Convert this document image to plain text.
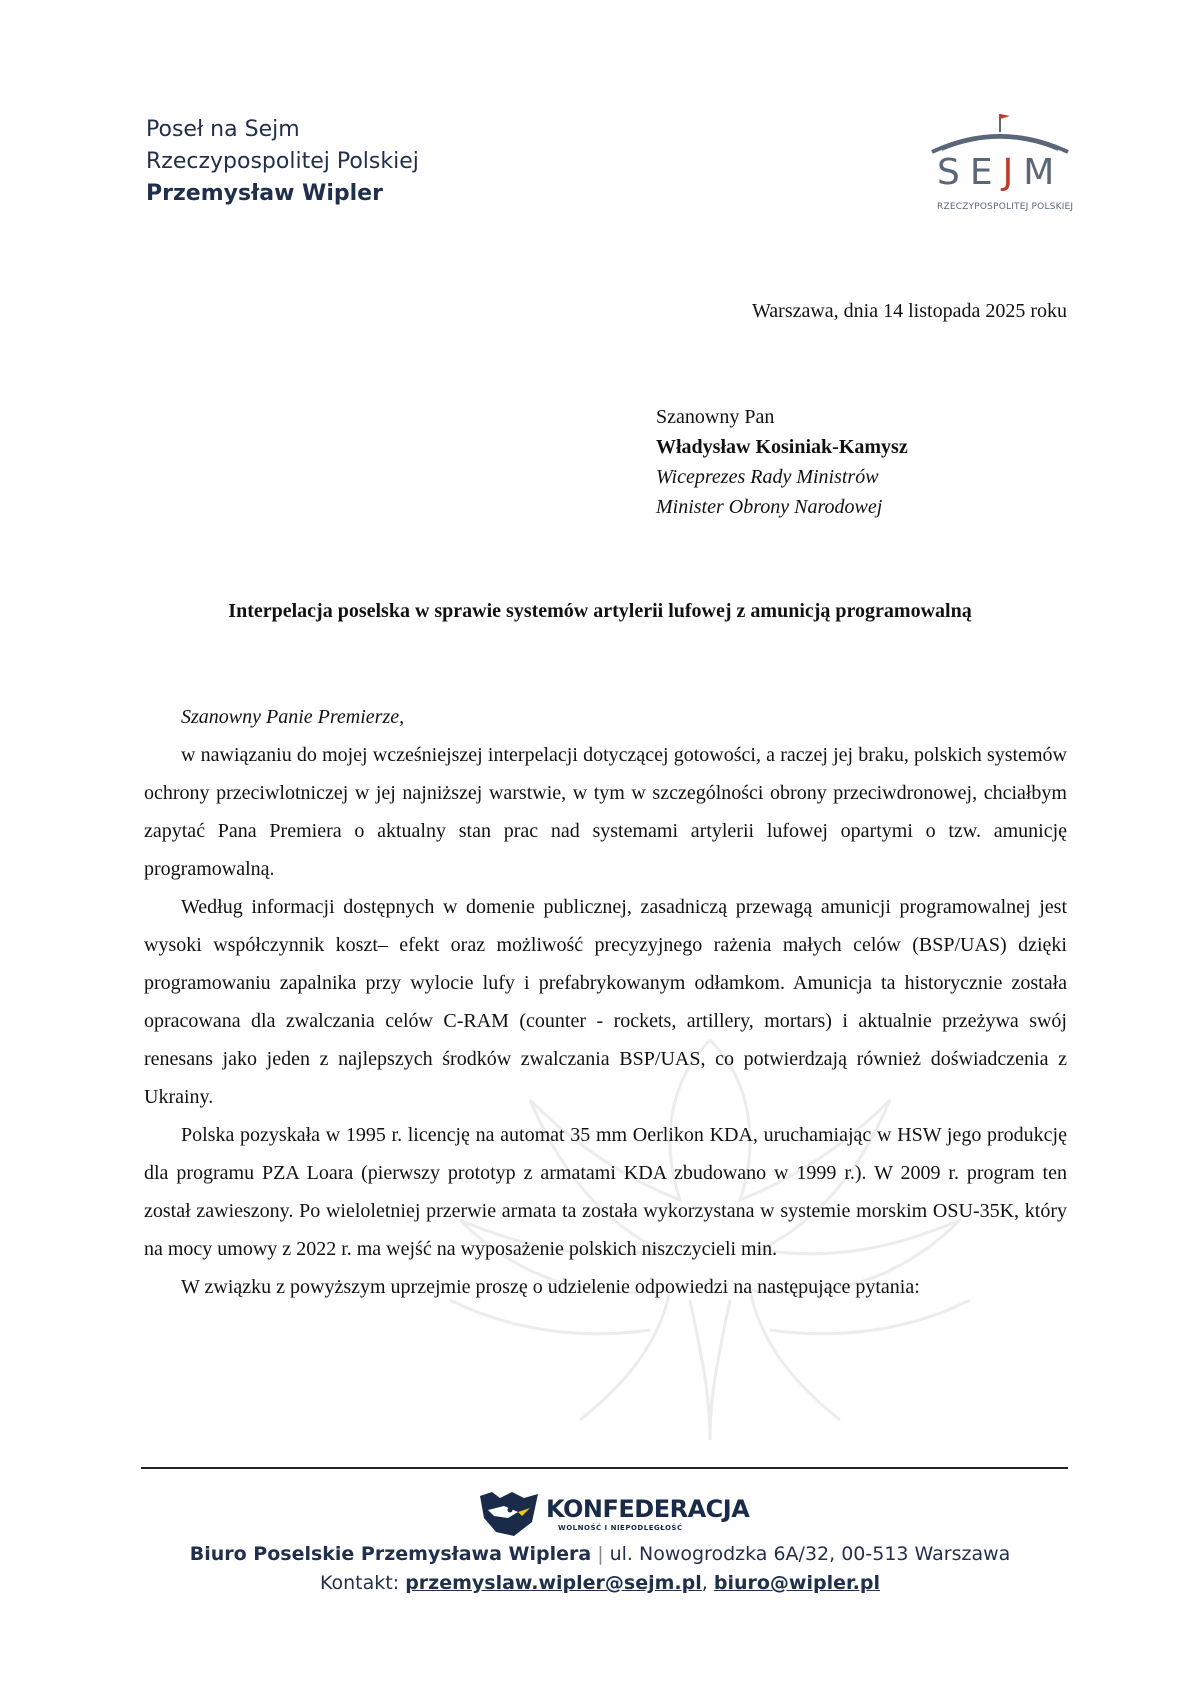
Poseł na Sejm
Rzeczypospolitej Polskiej
Przemysław Wipler
SEJM
RZECZYPOSPOLITEJ POLSKIEJ
Warszawa, dnia 14 listopada 2025 roku
Szanowny Pan
Władysław Kosiniak-Kamysz
Wiceprezes Rady Ministrów
Minister Obrony Narodowej
Interpelacja poselska w sprawie systemów artylerii lufowej z amunicją programowalną

Szanowny Panie Premierze,

w nawiązaniu do mojej wcześniejszej interpelacji dotyczącej gotowości, a raczej jej braku, polskich systemów ochrony przeciwlotniczej w jej najniższej warstwie, w tym w szczególności obrony przeciwdronowej, chciałbym zapytać Pana Premiera o aktualny stan prac nad systemami artylerii lufowej opartymi o tzw. amunicję programowalną.

Według informacji dostępnych w domenie publicznej, zasadniczą przewagą amunicji programowalnej jest wysoki współczynnik koszt– efekt oraz możliwość precyzyjnego rażenia małych celów (BSP/UAS) dzięki programowaniu zapalnika przy wylocie lufy i prefabrykowanym odłamkom. Amunicja ta historycznie została opracowana dla zwalczania celów C-RAM (counter - rockets, artillery, mortars) i aktualnie przeżywa swój renesans jako jeden z najlepszych środków zwalczania BSP/UAS, co potwierdzają również doświadczenia z Ukrainy.

Polska pozyskała w 1995 r. licencję na automat 35 mm Oerlikon KDA, uruchamiając w HSW jego produkcję dla programu PZA Loara (pierwszy prototyp z armatami KDA zbudowano w 1999 r.). W 2009 r. program ten został zawieszony. Po wieloletniej przerwie armata ta została wykorzystana w systemie morskim OSU-35K, który na mocy umowy z 2022 r. ma wejść na wyposażenie polskich niszczycieli min.

W związku z powyższym uprzejmie proszę o udzielenie odpowiedzi na następujące pytania:

KONFEDERACJA
WOLNOŚĆ I NIEPODLEGŁOŚĆ
Biuro Poselskie Przemysława Wiplera | ul. Nowogrodzka 6A/32, 00-513 Warszawa
Kontakt: przemyslaw.wipler@sejm.pl, biuro@wipler.pl
